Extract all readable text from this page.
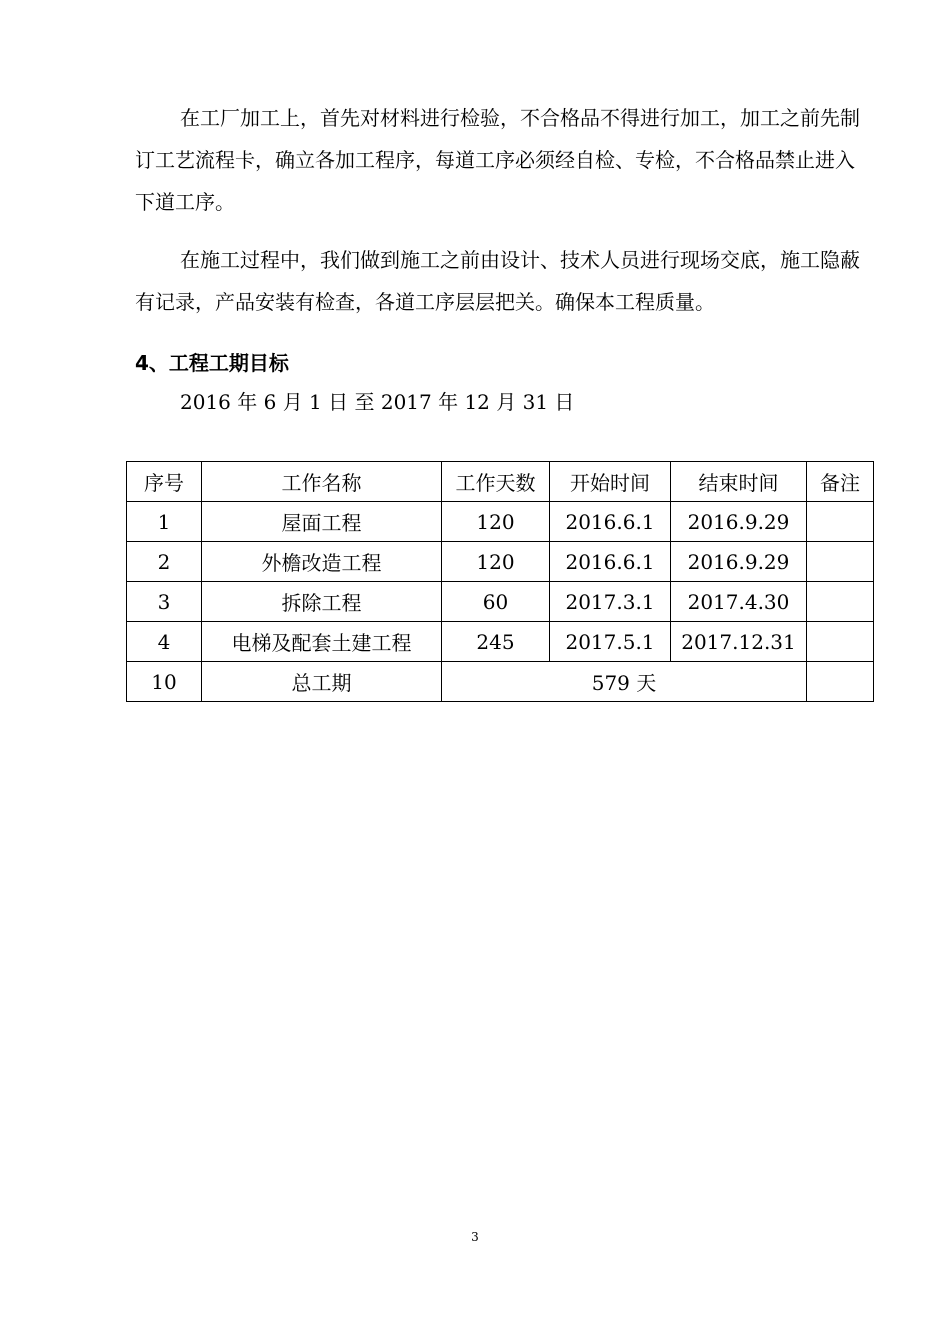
在工厂加工上，首先对材料进行检验，不合格品不得进行加工，加工之前先制订工艺流程卡，确立各加工程序，每道工序必须经自检、专检，不合格品禁止进入下道工序。

在施工过程中，我们做到施工之前由设计、技术人员进行现场交底，施工隐蔽有记录，产品安装有检查，各道工序层层把关。确保本工程质量。

4、工程工期目标

2016 年 6 月 1 日 至 2017 年 12 月 31 日

序号	工作名称	工作天数	开始时间	结束时间	备注
1	屋面工程	120	2016.6.1	2016.9.29	
2	外檐改造工程	120	2016.6.1	2016.9.29	
3	拆除工程	60	2017.3.1	2017.4.30	
4	电梯及配套土建工程	245	2017.5.1	2017.12.31	
10	总工期	579 天			

3
